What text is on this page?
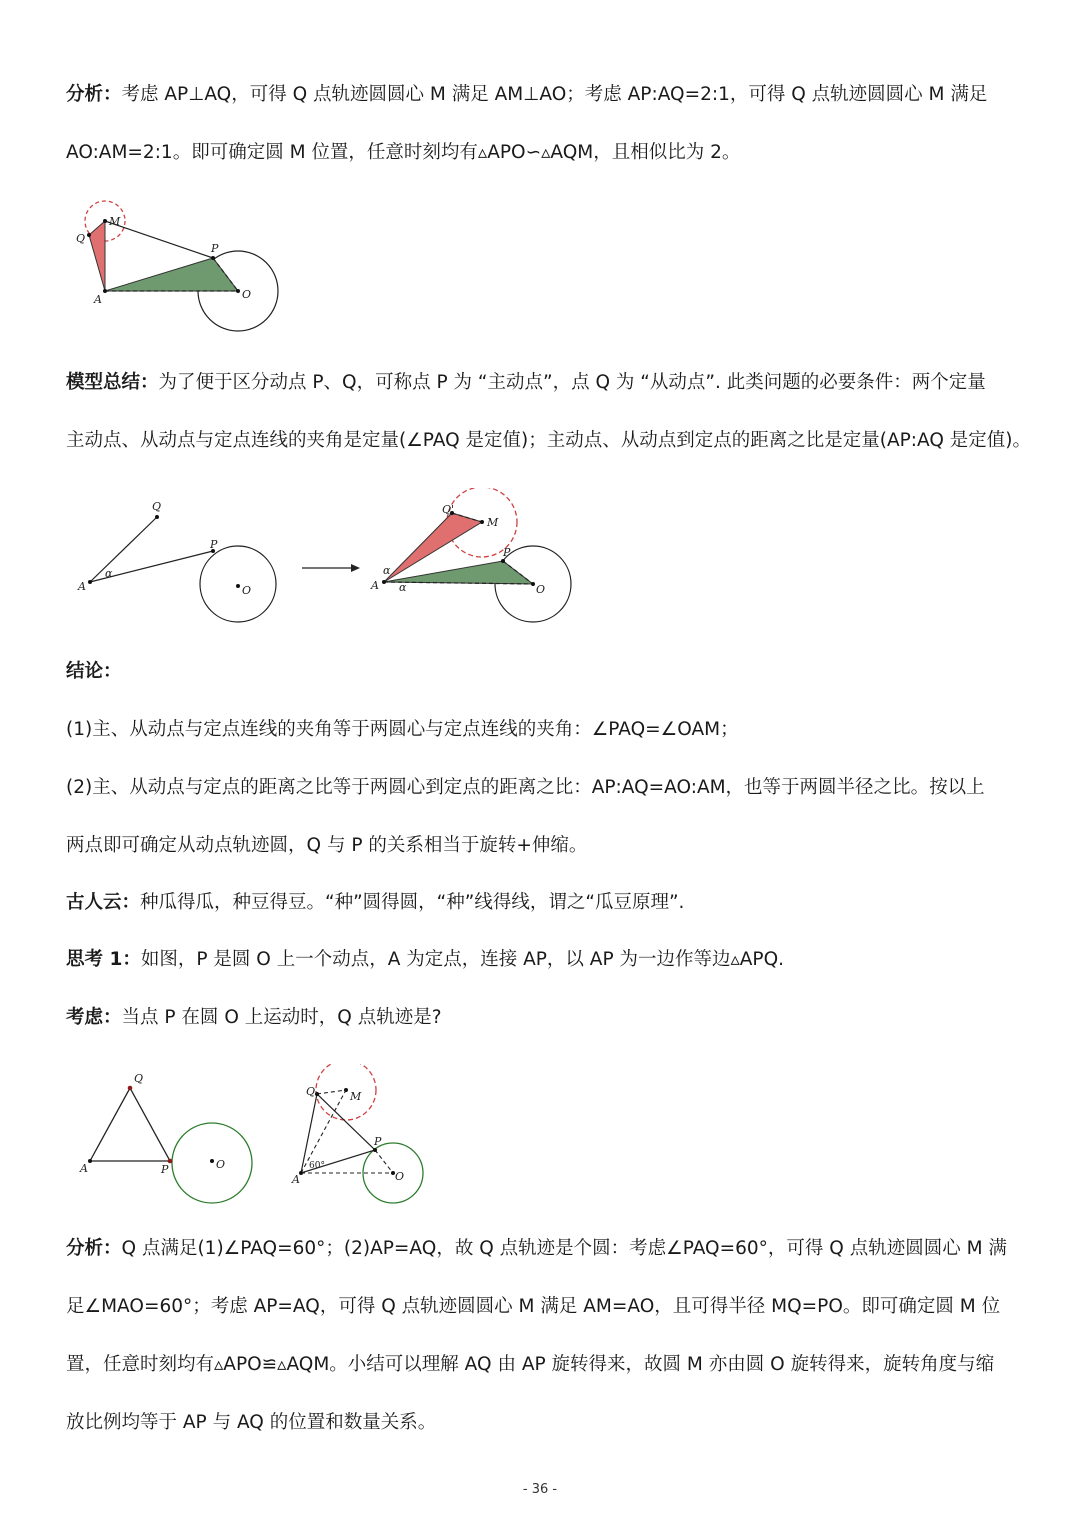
分析：考虑 AP⊥AQ，可得 Q 点轨迹圆圆心 M 满足 AM⊥AO；考虑 AP:AQ=2:1，可得 Q 点轨迹圆圆心 M 满足
AO:AM=2:1。即可确定圆 M 位置，任意时刻均有▵APO∽▵AQM，且相似比为 2。
A
Q
M
P
O
模型总结：为了便于区分动点 P、Q，可称点 P 为 “主动点”，点 Q 为 “从动点”. 此类问题的必要条件：两个定量
主动点、从动点与定点连线的夹角是定量(∠PAQ 是定值)；主动点、从动点到定点的距离之比是定量(AP:AQ 是定值)。
A
Q
P
O
α
A
Q'
M
P
O
α
α
结论：
(1)主、从动点与定点连线的夹角等于两圆心与定点连线的夹角：∠PAQ=∠OAM；
(2)主、从动点与定点的距离之比等于两圆心到定点的距离之比：AP:AQ=AO:AM，也等于两圆半径之比。按以上
两点即可确定从动点轨迹圆，Q 与 P 的关系相当于旋转+伸缩。
古人云：种瓜得瓜，种豆得豆。“种”圆得圆，“种”线得线，谓之“瓜豆原理”.
思考 1：如图，P 是圆 O 上一个动点，A 为定点，连接 AP，以 AP 为一边作等边▵APQ.
考虑：当点 P 在圆 O 上运动时，Q 点轨迹是?
A
Q
P	O
A
Q	M
P
O
60°
分析：Q 点满足(1)∠PAQ=60°；(2)AP=AQ，故 Q 点轨迹是个圆：考虑∠PAQ=60°，可得 Q 点轨迹圆圆心 M 满
足∠MAO=60°；考虑 AP=AQ，可得 Q 点轨迹圆圆心 M 满足 AM=AO，且可得半径 MQ=PO。即可确定圆 M 位
置，任意时刻均有▵APO≌▵AQM。小结可以理解 AQ 由 AP 旋转得来，故圆 M 亦由圆 O 旋转得来，旋转角度与缩
放比例均等于 AP 与 AQ 的位置和数量关系。
- 36 -
